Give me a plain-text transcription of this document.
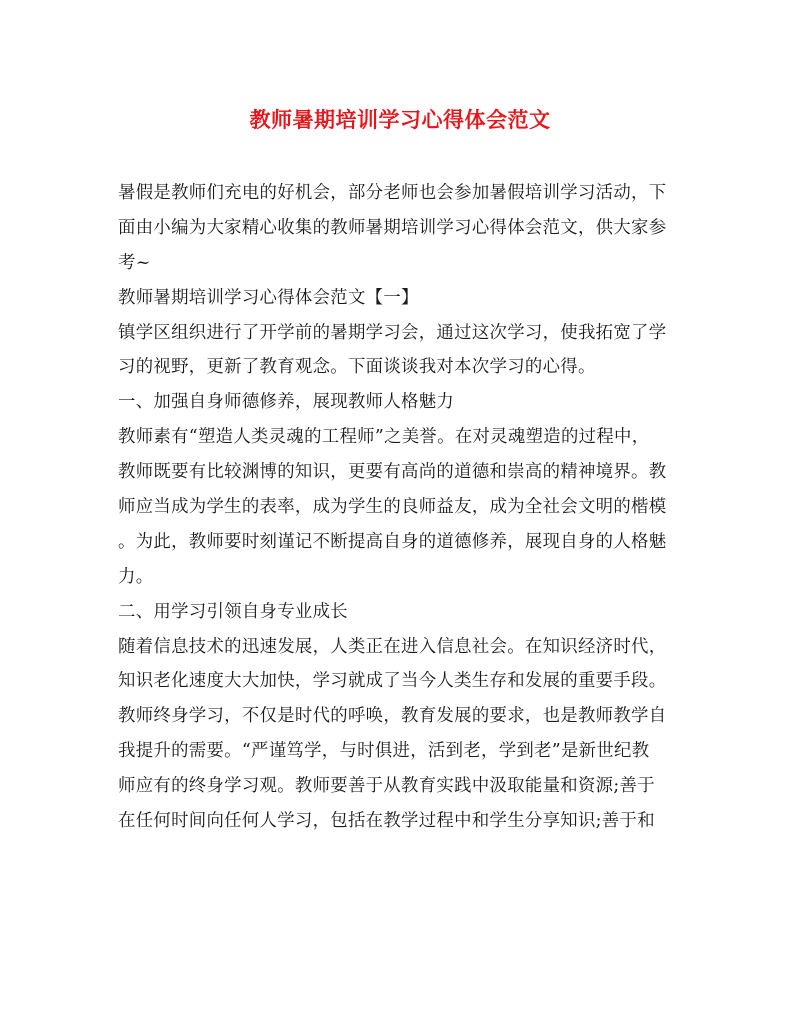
教师暑期培训学习心得体会范文
暑假是教师们充电的好机会，部分老师也会参加暑假培训学习活动，下
面由小编为大家精心收集的教师暑期培训学习心得体会范文，供大家参
考~
教师暑期培训学习心得体会范文【一】
镇学区组织进行了开学前的暑期学习会，通过这次学习，使我拓宽了学
习的视野，更新了教育观念。下面谈谈我对本次学习的心得。
一、加强自身师德修养，展现教师人格魅力
教师素有“塑造人类灵魂的工程师”之美誉。在对灵魂塑造的过程中，
教师既要有比较渊博的知识，更要有高尚的道德和崇高的精神境界。教
师应当成为学生的表率，成为学生的良师益友，成为全社会文明的楷模
。为此，教师要时刻谨记不断提高自身的道德修养，展现自身的人格魅
力。
二、用学习引领自身专业成长
随着信息技术的迅速发展，人类正在进入信息社会。在知识经济时代，
知识老化速度大大加快，学习就成了当今人类生存和发展的重要手段。
教师终身学习，不仅是时代的呼唤，教育发展的要求，也是教师教学自
我提升的需要。“严谨笃学，与时俱进，活到老，学到老”是新世纪教
师应有的终身学习观。教师要善于从教育实践中汲取能量和资源;善于
在任何时间向任何人学习，包括在教学过程中和学生分享知识;善于和
